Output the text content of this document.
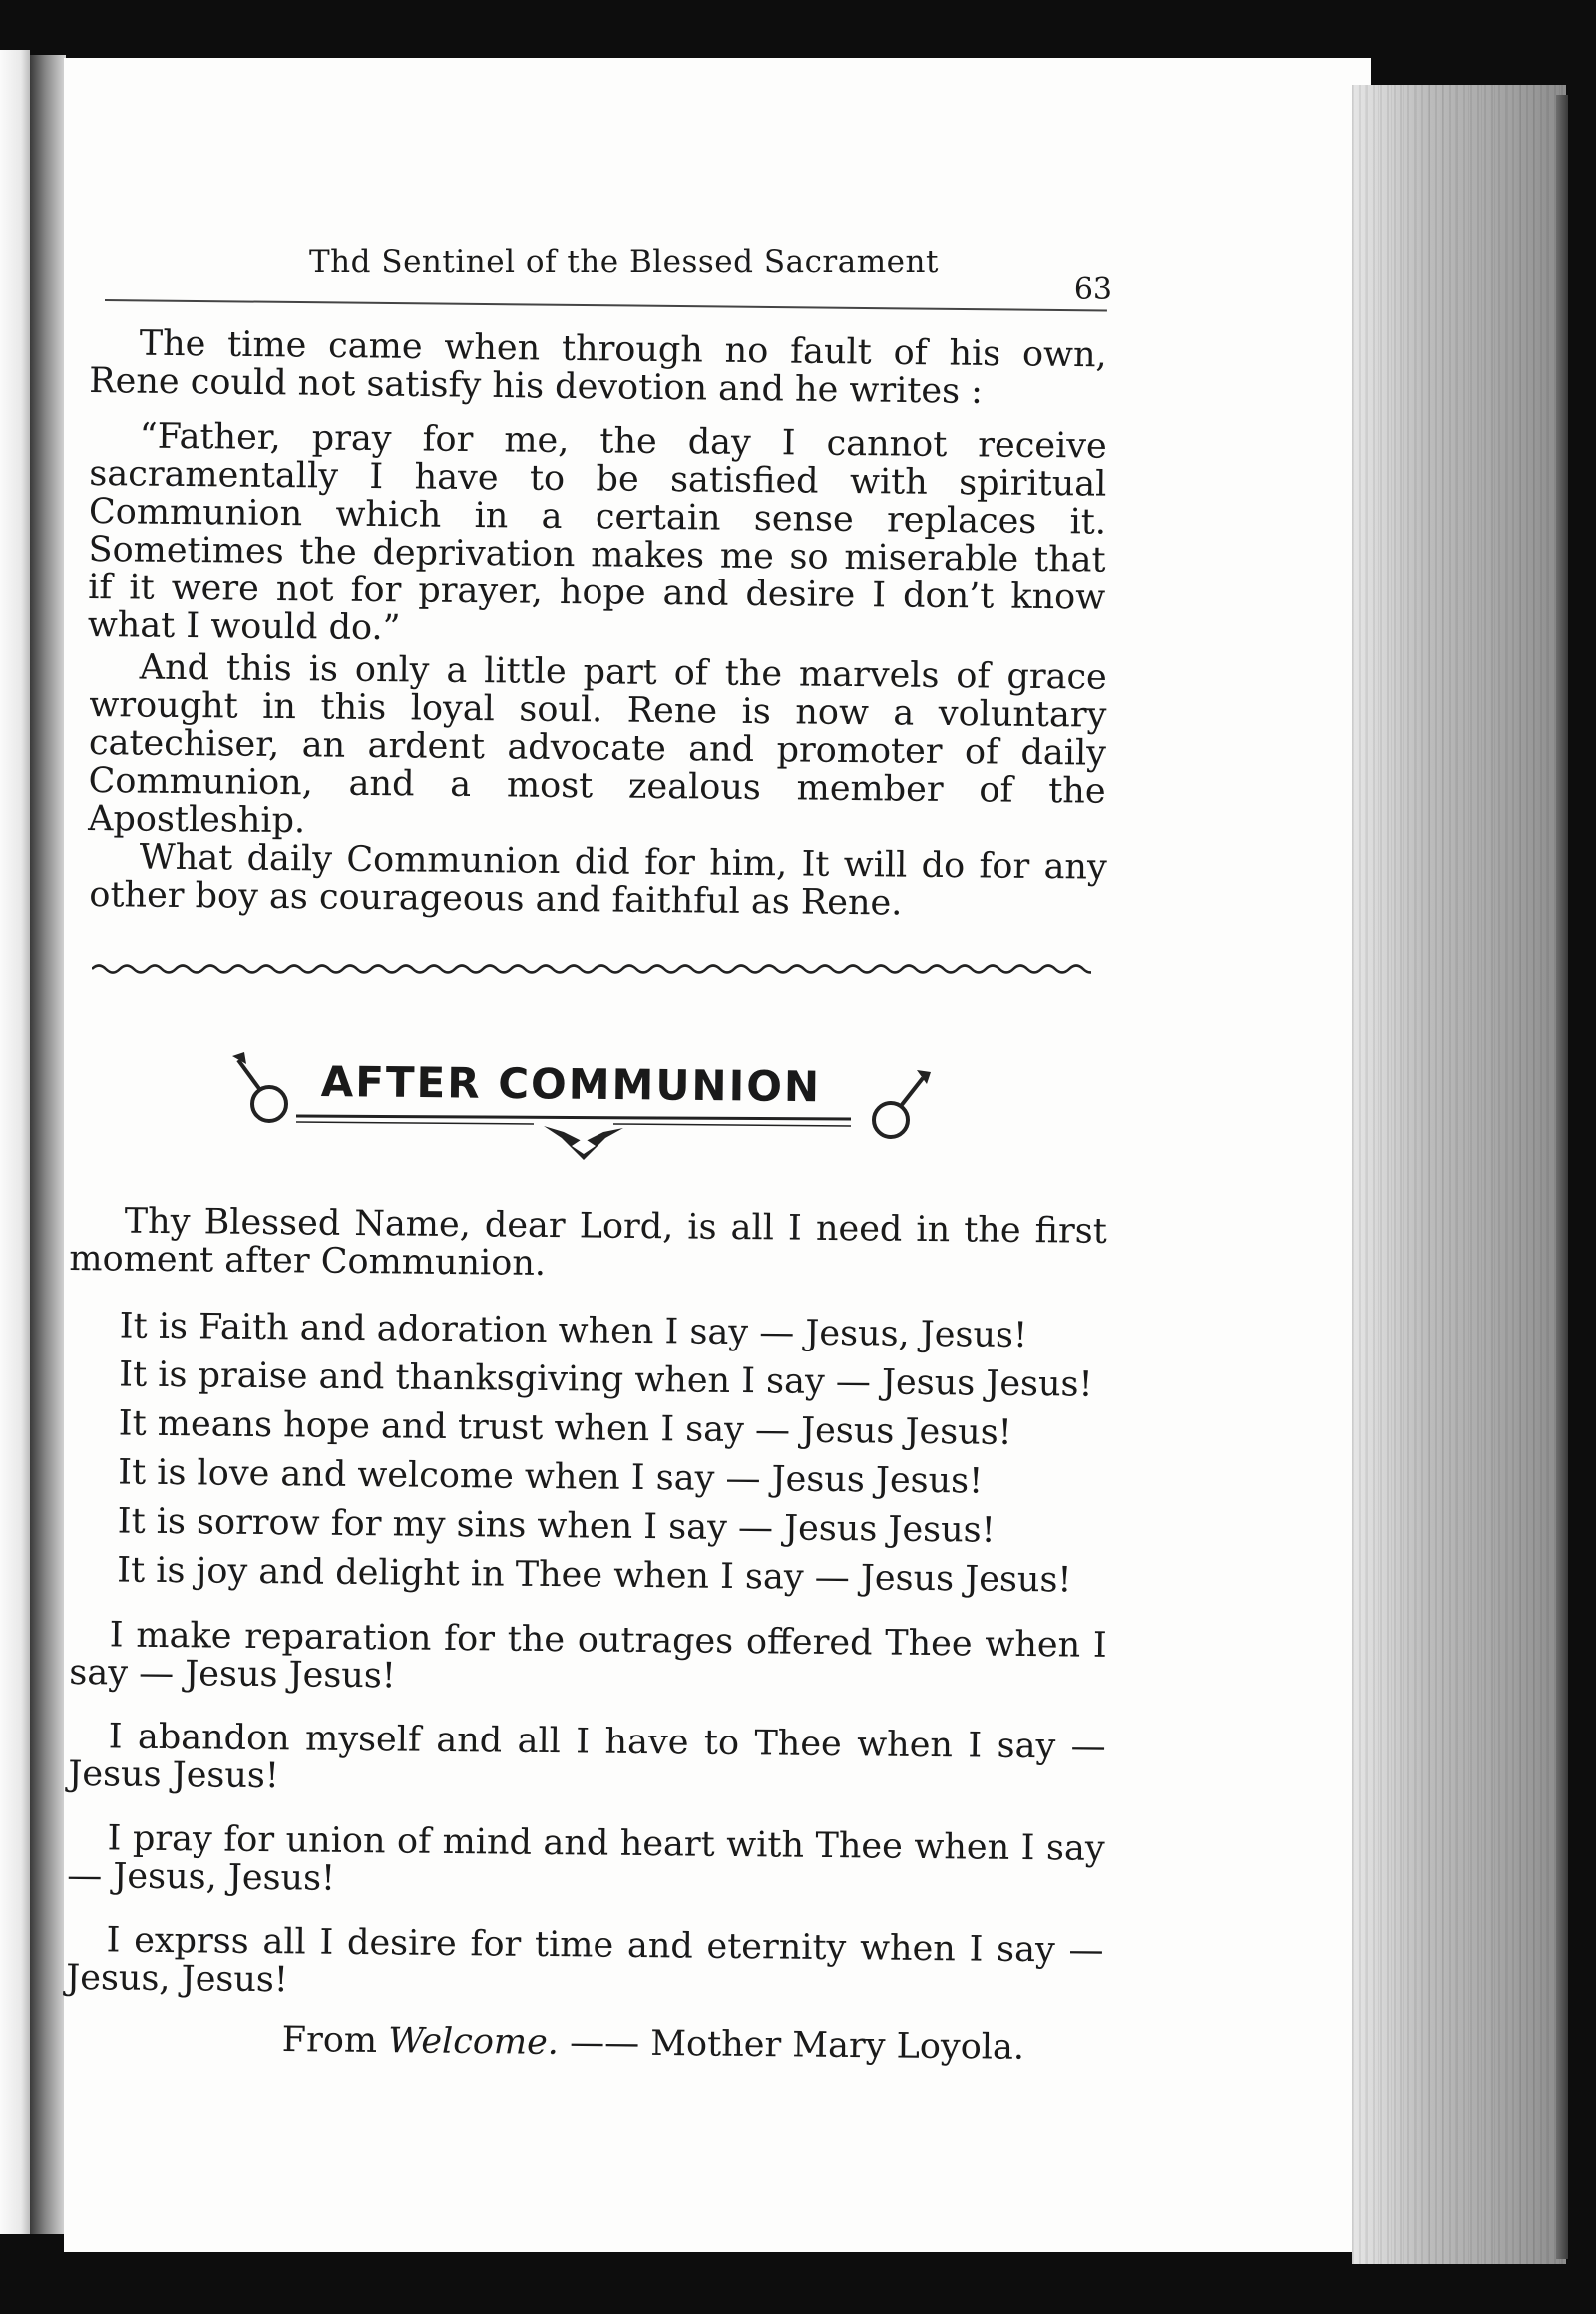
Thd Sentinel of the Blessed Sacrament
63

The time came when through no fault of his own, Rene could not satisfy his devotion and he writes :

“Father, pray for me, the day I cannot receive sacramentally I have to be satisfied with spiritual Communion which in a certain sense replaces it. Sometimes the deprivation makes me so miserable that if it were not for prayer, hope and desire I don’t know what I would do.”

And this is only a little part of the marvels of grace wrought in this loyal soul. Rene is now a voluntary catechiser, an ardent advocate and promoter of daily Communion, and a most zealous member of the Apostleship.

What daily Communion did for him, It will do for any other boy as courageous and faithful as Rene.

AFTER COMMUNION

Thy Blessed Name, dear Lord, is all I need in the first moment after Communion.

It is Faith and adoration when I say — Jesus, Jesus!

It is praise and thanksgiving when I say — Jesus Jesus!

It means hope and trust when I say — Jesus Jesus!

It is love and welcome when I say — Jesus Jesus!

It is sorrow for my sins when I say — Jesus Jesus!

It is joy and delight in Thee when I say — Jesus Jesus!

I make reparation for the outrages offered Thee when I say — Jesus Jesus!

I abandon myself and all I have to Thee when I say — Jesus Jesus!

I pray for union of mind and heart with Thee when I say — Jesus, Jesus!

I exprss all I desire for time and eternity when I say — Jesus, Jesus!

From Welcome. —— Mother Mary Loyola.
